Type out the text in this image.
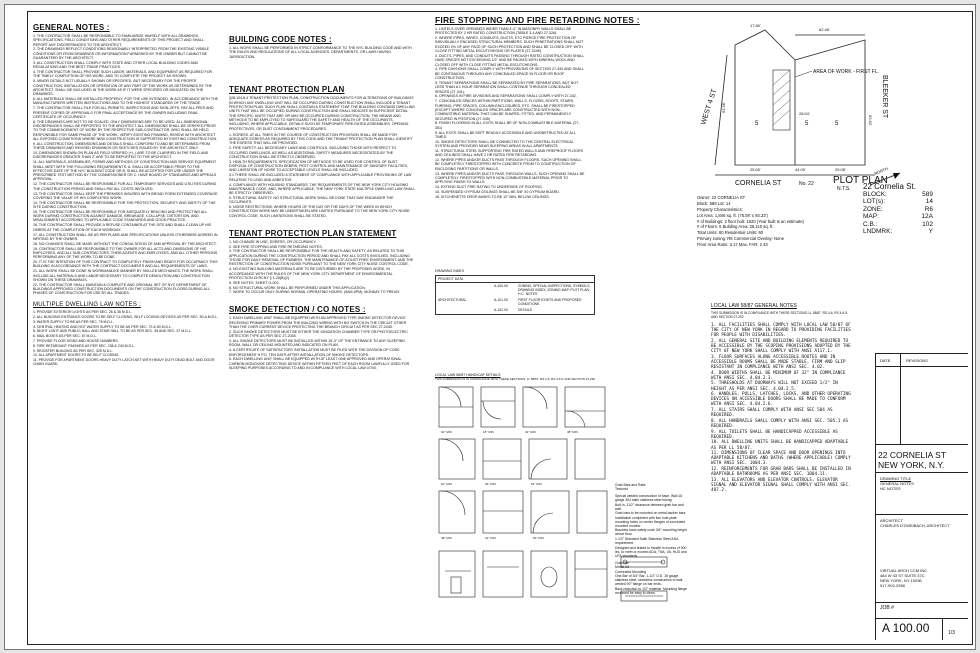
GENERAL NOTES :

1. THE CONTRACTOR SHALL BE RESPONSIBLE TO FAMILIARIZE HIMSELF WITH ALL DRAWINGS, SPECIFICATIONS, FIELD CONDITIONS AND OTHER REQUIREMENTS OF THIS PROJECT AND SHALL REPORT ANY DISCREPANCIES TO THE ARCHITECT.

2. THE DRAWINGS REFLECT CONDITIONS REASONABLY INTERPRETED FROM THE EXISTING VISIBLE CONDITIONS OR FROM DRAWINGS OR INFORMATION FURNISHED BY THE OWNER BUT CANNOT BE GUARANTEED BY THE ARCHITECT.

3. ALL CONSTRUCTION SHALL COMPLY WITH STATE AND OTHER LOCAL BUILDING CODES AND REGULATIONS AND THE BEST TRADE PRACTICES.

4. THE CONTRACTOR SHALL PROVIDE SUCH LABOR, MATERIALS, AND EQUIPMENT AS REQUIRED FOR THE TIMELY COMPLETION OF HIS WORK, AND TO COMPLETE THE PROJECT AS SHOWN.

5. MINOR DETAILS NOT USUALLY SHOWN OR SPECIFIED, BUT NECESSARY FOR THE PROPER CONSTRUCTION, INSTALLATION OR OPERATION OF ANY PART OF THE WORK AS DETERMINED BY THE ARCHITECT, SHALL BE INCLUDED IN THE WORK AS IF IT WERE SPECIFIED OR INDICATED ON THE DRAWINGS.

6. ALL MATERIALS SHALL BE INSTALLED PROPERLY, FOR THE USE INTENDED, IN ACCORDANCE WITH THE MANUFACTURERS WRITTEN INSTRUCTIONS AND TO THE HIGHEST STANDARDS OF THE TRADE.

7. THE CONTRACTOR SHALL FILE FOR ALL PERMITS, INSPECTIONS AND SIGN-OFFS, PAY ALL FEES AND PRESENT COPIES OF APPROVALS FOR FINAL ACCEPTANCE BY THE OWNER INCLUDING FINAL CERTIFICATE OF OCCUPANCY.

8. THE DRAWINGS ARE NOT TO BE SCALED. ONLY DIMENSIONS ARE TO BE USED. ALL DIMENSIONAL DISCREPANCIES SHALL BE REPORTED TO THE ARCHITECT. ALL DIMENSIONS SHALL BE VERIFIED PRIOR TO THE COMMENCEMENT OF WORK BY THE RESPECTIVE SUB-CONTRACTOR, WHO SHALL BE HELD RESPONSIBLE FOR SAME PHASE OF THE WORK. VERIFY EXISTING FRAMING, REVIEW WITH ARCHITECT ALL EXPOSED CONDITIONS WHERE NEW CONSTRUCTION IS SUPPORTED BY EXISTING CONSTRUCTION.

9. ALL CONSTRUCTION, DIMENSIONS AND DETAILS SHALL CONFORM TO AND BE DETERMINED FROM THESE DRAWINGS AND REVISED DRAWINGS OR SKETCHES ISSUED BY THE ARCHITECT ONLY.

10. DIMENSIONS SHOWN ON PLAN AS FIELD VERIFIED (+/- ) ARE TO BE CLARIFIED IN THE FIELD AND DISCREPANCIES GREATER THAN 2" ARE TO BE REPORTED TO THE ARCHITECT.

11. ALL MATERIALS, ASSEMBLIES, FORMS AND METHODS OF CONSTRUCTION AND SERVICE EQUIPMENT SHALL MEET WITH THE FOLLOWING REQUIREMENTS: A. SHALL BE ACCEPTABLE PRIOR TO THE EFFECTIVE DATE OF THE NYC BUILDING CODE OR B. SHALL BE ACCEPTED FOR USE UNDER THE PRESCRIBED TEST METHOD BY THE COMMISSIONER OR C. HAVE BOARD OF STANDARDS AND APPEALS APPROVAL.

12. THE CONTRACTOR SHALL BE RESPONSIBLE FOR ALL TEMPORARY SERVICES AND UTILITIES DURING THE CONSTRUCTION PERIOD AND SHALL PAY ALL COSTS INVOLVED.

13. THE CONTRACTOR SHALL KEEP THE PREMISES INSURED WITH BROAD FORM EXTENDED COVERAGE COVERING THE VALUE OF HIS COMPLETED WORK.

14. THE CONTRACTOR SHALL BE RESPONSIBLE FOR THE PROTECTION, SECURITY AND SAFETY OF THE SITE DURING CONSTRUCTION.

15. THE CONTRACTOR SHALL BE RESPONSIBLE FOR ADEQUATELY BRACING AND PROTECTING ALL WORK DURING CONSTRUCTION AGAINST DAMAGE, BREAKAGE, COLLAPSE, DISTORTION, AND MISALIGNMENT ACCORDING TO APPLICABLE CODE STANDARDS AND GOOD PRACTICE.

16. THE CONTRACTOR SHALL PROVIDE A REFUSE CONTAINER AT THE SITE AND SHALL CLEAN UP HIS DEBRIS AT THE COMPLETION OF EACH WORKDAY.

17. ALL CONSTRUCTION SHALL BE AS PER PLANS AND SPECIFICATIONS UNLESS OTHERWISE AGREED IN WRITING BY THE OWNER.

18. NO CHANGES SHALL BE MADE WITHOUT THE CONSULTATION OF AND APPROVAL BY THE ARCHITECT.

19. CONTRACTOR SHALL BE RESPONSIBLE TO THE OWNER FOR ALL ACTS AND OMISSIONS OF HIS EMPLOYEES, AND ALL SUB-CONTRACTORS, THEIR AGENTS AND EMPLOYEES, AND ALL OTHER PERSONS PERFORMING ANY OF THE WORK TO BE DONE.

20. IT IS THE INTENTION OF THIS CONTRACT TO COMPLETELY FINISH AND READY FOR OCCUPANCY THIS BUILDING IN ACCORDANCE WITH THE CONTRACT DOCUMENTS AND ALL REQUIREMENTS OF LAWS.

21. ALL WORK SHALL BE DONE IN WORKMANLIKE MANNER BY SKILLED MECHANICS. THE WORK SHALL INCLUDE ALL MATERIALS AND LABOR NECESSARY TO COMPLETE DEMOLITION AND CONSTRUCTION SHOWN ON THESE DRAWINGS.

22. THE CONTRACTOR SHALL MAINTAIN A COMPLETE AND ORIGINAL SET OF NYC DEPARTMENT OF BUILDINGS APPROVED CONSTRUCTION DOCUMENTS ON THE CONSTRUCTION FLOORS DURING ALL PHASES OF CONSTRUCTION FOR USE BY ALL TRADES.

MULTIPLE DWELLING LAW NOTES :

1. PROVIDE EXTERIOR LIGHTS AS PER SEC. 26 & 36 M.D.L.

2. ALL BUILDING ENTRANCE DOORS TO BE SELF CLOSING, SELF LOCKING DEVICES AS PER SEC. 50-A M.D.L.

3. WATER SUPPLY TO BE AS PER SEC. 75 M.D.L.

4. CENTRAL HEATING AND HOT WATER SUPPLY TO BE AS PER SEC. 79 & 80 M.D.L.

5. NIGHT LIGHT AND PUBLIC HALL AND STAIR HALL TO BE AS PER SEC. 35 AND SEC. 37 M.D.L.

6. MAIL BOXES AS PER SEC. 57 M.D.L.

7. PROVIDE FLOOR SIGNS AND HOUSE NUMBERS.

8. FIRE RETARDANT FINISHES AS PER SEC. 238 & 243 M.D.L.

9. REGISTER BUILDING AS PER SEC. 325 M.D.L.

10. ALL APARTMENT DOORS TO BE SELF CLOSING.

11. PROVIDE FOR APARTMENT DOORS HEAVY DUTY LATCH-SET WITH HEAVY DUTY DEAD BOLT AND DOOR CHAIN GUARD.

BUILDING CODE NOTES :

1. ALL WORK SHALL BE PERFORMED IN STRICT CONFORMANCE TO THE NYC BUILDING CODE AND WITH THE RULES AND REGULATIONS OF ALL LOCAL AGENCIES, DEPARTMENTS, OR LAWS HAVING JURISDICTION.

TENANT PROTECTION PLAN
§28-104.8.4 TENANT PROTECTION PLAN. CONSTRUCTION DOCUMENTS FOR ALTERATIONS OF BUILDINGS IN WHICH ANY DWELLING UNIT WILL BE OCCUPIED DURING CONSTRUCTION SHALL INCLUDE A TENANT PROTECTION PLAN. SUCH PLAN SHALL CONTAIN A STATEMENT THAT THE BUILDING CONTAINS DWELLING UNITS THAT WILL BE OCCUPIED DURING CONSTRUCTION AND SHALL INDICATE IN SUFFICIENT DETAIL THE SPECIFIC UNITS THAT ARE OR MAY BE OCCUPIED DURING CONSTRUCTION, THE MEANS AND METHODS TO BE EMPLOYED TO SAFEGUARD THE SAFETY AND HEALTH OF THE OCCUPANTS, INCLUDING, WHERE APPLICABLE, DETAILS SUCH AS TEMPORARY FIRE-RATED ASSEMBLIES, OPENING PROTECTIVES, OR DUST CONTAINMENT PROCEDURES.

1. EGRESS. AT ALL TIMES IN THE COURSE OF CONSTRUCTION PROVISION SHALL BE MADE FOR ADEQUATE EGRESS AS REQUIRED BY THIS CODE AND THE TENANT PROTECTION PLAN SHALL IDENTIFY THE EGRESS THAT WILL BE PROVIDED.

2. FIRE SAFETY. ALL NECESSARY LAWS AND CONTROLS, INCLUDING THOSE WITH RESPECT TO OCCUPIED DWELLINGS, AS WELL AS ADDITIONAL SAFETY MEASURES NECESSITATED BY THE CONSTRUCTION SHALL BE STRICTLY OBSERVED.

3. HEALTH REQUIREMENTS. SPECIFICATION OF METHODS TO BE USED FOR CONTROL OF DUST, DISPOSAL OF CONSTRUCTION DEBRIS, PEST CONTROL AND MAINTENANCE OF SANITARY FACILITIES, AND LIMITATION OF NOISE TO ACCEPTABLE LEVELS SHALL BE INCLUDED.

3.1 THERE SHALL BE INCLUDED A STATEMENT OF COMPLIANCE WITH APPLICABLE PROVISIONS OF LAW RELATING TO LEAD AND ASBESTOS.

4. COMPLIANCE WITH HOUSING STANDARDS. THE REQUIREMENTS OF THE NEW YORK CITY HOUSING MAINTENANCE CODE, AND, WHERE APPLICABLE, THE NEW YORK STATE MULTIPLE DWELLING LAW SHALL BE STRICTLY OBSERVED.

5. STRUCTURAL SAFETY. NO STRUCTURAL WORK SHALL BE DONE THAT MAY ENDANGER THE OCCUPANTS.

6. NOISE RESTRICTIONS. WHERE HOURS OF THE DAY OR THE DAYS OF THE WEEK IN WHICH CONSTRUCTION WORK MAY BE UNDERTAKEN ARE LIMITED PURSUANT TO THE NEW YORK CITY NOISE CONTROL CODE, SUCH LIMITATIONS SHALL BE STATED.

TENANT PROTECTION PLAN STATEMENT

1. NO CHANGE IN USE, EGRESS, OR OCCUPANCY.

2. SEE FIRE STOPPING AND FIRE RETARDING NOTES.

3. THE CONTRACTOR SHALL BE RESPONSIBLE FOR THE HEALTH AND SAFETY, AS RELATED TO THIS APPLICATION DURING THE CONSTRUCTION PERIOD AND SHALL PAY ALL COSTS INVOLVED, INCLUDING THOSE FOR DAILY REMOVAL OF RUBBISH, THE MAINTENANCE OF A DUST FREE ENVIRONMENT, AND THE RESTRICTION OF CONSTRUCTION NOISE PURSUANT TO THE NEW YORK CITY NOISE CONTROL CODE.

4. NO EXISTING BUILDING MATERIALS ARE TO BE DISTURBED BY THE PROPOSED WORK, IN ACCORDANCE WITH THE RULES OF THE NEW YORK CITY DEPARTMENT OF ENVIRONMENTAL PROTECTION 15 RCNY § 1-25(B)(2).

5. SEE NOTES, SHEET G-002.

6. NO STRUCTURAL WORK SHALL BE PERFORMED UNDER THIS APPLICATION.

7. WORK TO OCCUR ONLY DURING NORMAL OPERATING HOURS, (9AM-5PM), MONDAY TO FRIDAY.

SMOKE DETECTION / CO NOTES :

1. EACH DWELLING UNIT SHALL BE EQUIPPED WITH AN APPROVED TYPE SMOKE DETECTOR DEVICE RECEIVING PRIMARY POWER FROM THE BUILDING WIRING WITH NO SWITCH IN THE CIRCUIT OTHER THAN THE OVER CURRENT DEVICE PROTECTING THE BRANCH CIRCUIT AS PER SEC 27-2045.

2. SUCH SMOKE DETECTORS MUST BE EITHER THE IONIZATION CHAMBER TYPE OR PHOTOELECTRIC DETECTOR TYPE AS PER SEC 27-2045.

3. ALL SMOKE DETECTORS MUST BE INSTALLED WITHIN 15'-0" OF THE ENTRANCE TO ANY SLEEPING ROOM, WALL OR CEILING MOUNTED AND INDICATED ON PLAN.

4. A CERTIFICATE OF SATISFACTORY INSTALLATION MUST BE FILED WITH THE DIVISION OF CODE ENFORCEMENT H.P.D. TEN DAYS AFTER INSTALLATION OF SMOKE DETECTORS.

5. EACH DWELLING UNIT SHALL BE EQUIPPED WITH AT LEAST ONE APPROVED AND OPERATIONAL CARBON MONOXIDE DETECTING DEVICE WITHIN FIFTEEN FEET OF EACH ROOM LAWFULLY USED FOR SLEEPING PURPOSES ACCORDING TO AND IN COMPLIANCE WITH LOCAL LAW 07/04.

FIRE STOPPING AND FIRE RETARDING NOTES :

1. LINTELS OVER OPENINGS WIDER THAN 4'-0" IN MASONRY WALLS SHALL BE PROTECTED BY 2 HR RATED CONSTRUCTION (TABLE 3-4 AND 27-326).

2. WHERE PIPES, WIRES, CONDUITS, DUCTS, ETC PIERCE FIRE PROTECTION OF INDIVIDUALLY ENCASED STRUCTURAL MEMBERS, SUCH PENETRATIONS SHALL NOT EXCEED 2% OF ANY FACE OF SUCH PROTECTION AND SHALL BE CLOSED OFF WITH CLOSE FITTING METAL ESCUTCHEONS OR PLATES (27-324E).

3. DUCTS, PIPES, AND CONDUITS PASSING THROUGH RATED CONSTRUCTION SHALL HAVE SPACES NOT EXCEEDING 1/2" AND BE PACKED WITH MINERAL WOOL AND CLOSED OFF WITH CLOSE FITTING METAL ESCUTCHEONS.

4. FIRE DIVISIONS SHALL COMPLY WITH PROVISIONS OF SECTION 27-340 AND SHALL BE CONTINUOUS THROUGH ANY CONCEALED SPACE IN FLOOR OR ROOF CONSTRUCTION.

5. TENANT SEPARATIONS SHALL BE SEPARATED BY FIRE SEPARATIONS, BUT NOT LESS THAN A 1 HOUR SEPARATION SHALL CONTINUE THROUGH CONCEALED SPACES (27-341).

6. OPENINGS IN FIRE DIVISIONS AND SEPARATIONS SHALL COMPLY WITH 27-342.

7. CONCEALED SPACES WITHIN PARTITIONS, WALLS, FLOORS, ROOFS, STAIRS, FURRING, PIPE SPACES, COLUMN ENCLOSURES, ETC. SHALL BE FIRESTOPPED (EXCEPT WHERE CONCEALED SPACES ARE CONSTRUCTED WITH NON-COMBUSTIBLE MATERIAL THAT CAN BE SHAPED, FITTED, AND PERMANENTLY SECURED IN POSITION (27-345)

8. FINISH FLOORING IN ALL EXITS SHALL BE OF NON-COMBUSTIBLE MATERIAL (27-351)

9. ALL EXITS SHALL BE KEPT READILY ACCESSIBLE AND UNOBSTRUCTED AT ALL TIMES.

10. SMOKE DETECTORS SHALL BE CONNECTED TO THE CENTRAL ELECTRICAL SYSTEM AND PROVIDED NEAR SLEEPING AREAS IN ALL APARTMENTS.

11. STRUCTURAL STEEL SUPPORTING FIRE RATED WALLS AND FIREPROOF FLOORS AND CEILINGS SHALL HAVE 2 HR RATED FIRE RETARDING.

12. WHERE PIPES AND/OR DUCTS PASS THROUGH FLOORS, SUCH OPENING SHALL BE COMPLETELY FIRESTOPPED WITH CONCRETE FROM TO CONSTRUCTION OF ENCLOSING PARTITIONS OR WALLS.

13. WHERE PIPES AND/OR DUCTS PASS THROUGH WALLS, SUCH OPENING SHALL BE COMPLETELY FIRESTOPPED WITH NON-COMBUSTIBLE MATERIAL PRIOR TO APPLYING FINISH TO WALLS.

14. EXTEND DUCT FIRE RATING TO UNDERSIDE OF ROOFING.

15. SUSPENDED GYPSUM CEILINGS SHALL BE 5/8" X0 GYPSUM BOARD.

16. KITCHENETTE DROP AWAYS TO BE 12" MIN. BELOW CEILINGS.

DRAWING INDEX
PROJECT DATA
A-100.00	ZONING, SPECIAL INSPECTIONS, SYMBOLS, DRAWING INDEX, ZONING MAP, PLOT PLAN, H.C. NOTES
ARCHITECTURAL	A-101.00	FIRST FLOOR EXISTS AND PROPOSED CONDITIONS
A-102.00	DETAILS
LOCAL LAW 58/87 HANDICAP DETAILS
THIS SUBMISSION IS IN COMPLIANCE WITH THESE SECTIONS: LL 58/87, RS 4-6, RS 4-6.5, AND SECTION 27-292
32" MIN	18" MIN	42" MIN	48" MIN
60" MIN	36" MIN	54" MIN
48" MIN	42" MIN	60" MIN
Grab Bars and Rails
Textured

Special welded construction of base. Wall 16 gauge 304 satin stainless steel tubing.

Bolt-in, 11/2" clearance between grab bar and wall.

Grab bars to be mounted on metal backer bars.

Installation completed with two hole-plate mounting holes on center flanges of concealed mounted models.

Brackets have safety code 3/4" mounting height above floor.

1-1/2" Standard Satin Stainless Steel ADA requirement.

Designed and tested to handle in excess of 900 lbs. to meet or exceed ADA, TNA, VA, HUD and UFA standards.

Grab Bar

Model #3

Concealed Mounting

One-Bar of 3/4" Bar, 1-1/2" O.D. 18 gauge stainless steel, seamless construction to wall, welded 90° flange on bar ends.

Back reduction to 1/2" material. Mounting flange recessed for easy to clean.

17.80'
62.46'
63.36'
28.04'
63.62'
25.00'	44.00'	25.08'
5	5	5
AREA OF WORK - FIRST FL.
WEST 4 ST	BLEEKER ST
CORNELIA ST	No. 22 PLOT PLAN
N.T.S.
NORTH

Owner: 22 CORNELIA ST

Block: 589 Lot: 14

Property Characteristics:

Lot Area: 1,846 sq. ft. (75.08' x 93.33')

# of Buildings: 2 floor bult: 1920 (Year built is an estimate)

# of Floors: 5 Building Area: 26,110 sq. ft.

Total Units: 60 Residential Units: 60

Primary zoning: R6 Commercial Overlay: None

Floor Area Ratio: 3.17 Max. FAR: 2.43

22 Cornelia St.
BLOCK:	589
LOT(s):	14
ZONE:	R6
MAP:	12A
C.B.:	102
LNDMRK:	Y
LOCAL LAW 58/87 GENERAL NOTES
THIS SUBMISSION IS IN COMPLIANCE WITH THESE SECTIONS: LL 58/87, RS 4-6, RS 4-6.5, AND SECTION 27-292

1. ALL FACILITIES SHALL COMPLY WITH LOCAL LAW 58/87 OF THE CITY OF NEW YORK IN REGARD TO PROVIDING FACILITIES FOR PEOPLE WITH DISABILITIES.

2. ALL GENERAL SITE AND BUILDING ELEMENTS REQUIRED TO BE ACCESSIBLE BY THE SCOPING PROVISIONS ADOPTED BY THE CITY OF NEW YORK SHALL COMPLY WITH ANSI A117.1.

3. FLOOR SURFACES ALONG ACCESSIBLE ROUTES AND IN ACCESSIBLE ROOMS SHALL BE MADE STABLE, FIRM AND SLIP RESISTANT IN COMPLIANCE WITH ANSI SEC. 4.02.

4. DOOR WIDTHS SHALL BE MINIMUM OF 32" IN COMPLIANCE WITH ANSI SEC. 4.04.2.3.

5. THRESHOLDS AT DOORWAYS WILL NOT EXCEED 1/2" IN HEIGHT AS PER ANSI SEC. 4.04.2.5.

6. HANDLES, PULLS, LATCHES, LOCKS, AND OTHER OPERATING DEVICES ON ACCESSIBLE DOORS SHALL BE MADE TO CONFORM WITH ANSI SEC. 4.04.2.6.

7. ALL STAIRS SHALL COMPLY WITH ANSI SEC 504 AS REQUIRED.

8. ALL HANDRAILS SHALL COMPLY WITH ANSI SEC. 505.1 AS REQUIRED.

9. ALL TOILETS SHALL BE HANDICAPPED ACCESSIBLE AS REQUIRED.

10. ALL DWELLING UNITS SHALL BE HANDICAPPED ADAPTABLE AS PER LL 58/87.

11. DIMENSIONS OF CLEAR SPACE AND DOOR OPENINGS INTO ADAPTABLE KITCHENS AND BATHS (WHERE APPLICABLE) COMPLY WITH ANSI SEC. 1004.3.

12. REINFORCEMENTS FOR GRAB BARS SHALL BE INSTALLED IN ADAPTABLE BATHROOMS AS PER ANSI SEC. 1004.11.

13. ALL ELEVATORS AND ELEVATOR CONTROLS, ELEVATOR SIGNAL AND ELEVATOR SIGNAL SHALL COMPLY WITH ANSI SEC. 407.2.

DATE	REVISIONS
22 CORNELIA ST
NEW YORK, N.Y.
DRAWING TITLE
GENERAL NOTES
HC NOTES
ARCHITECT
CHARLES D'ZWEIBACH, ARCHITECT
VIRTUAL ARCH CCM INC
484 W 43 ST SUITE 37C
NEW YORK, NY 10036
917-902-2958
JOB #
A 100.00	1/3
